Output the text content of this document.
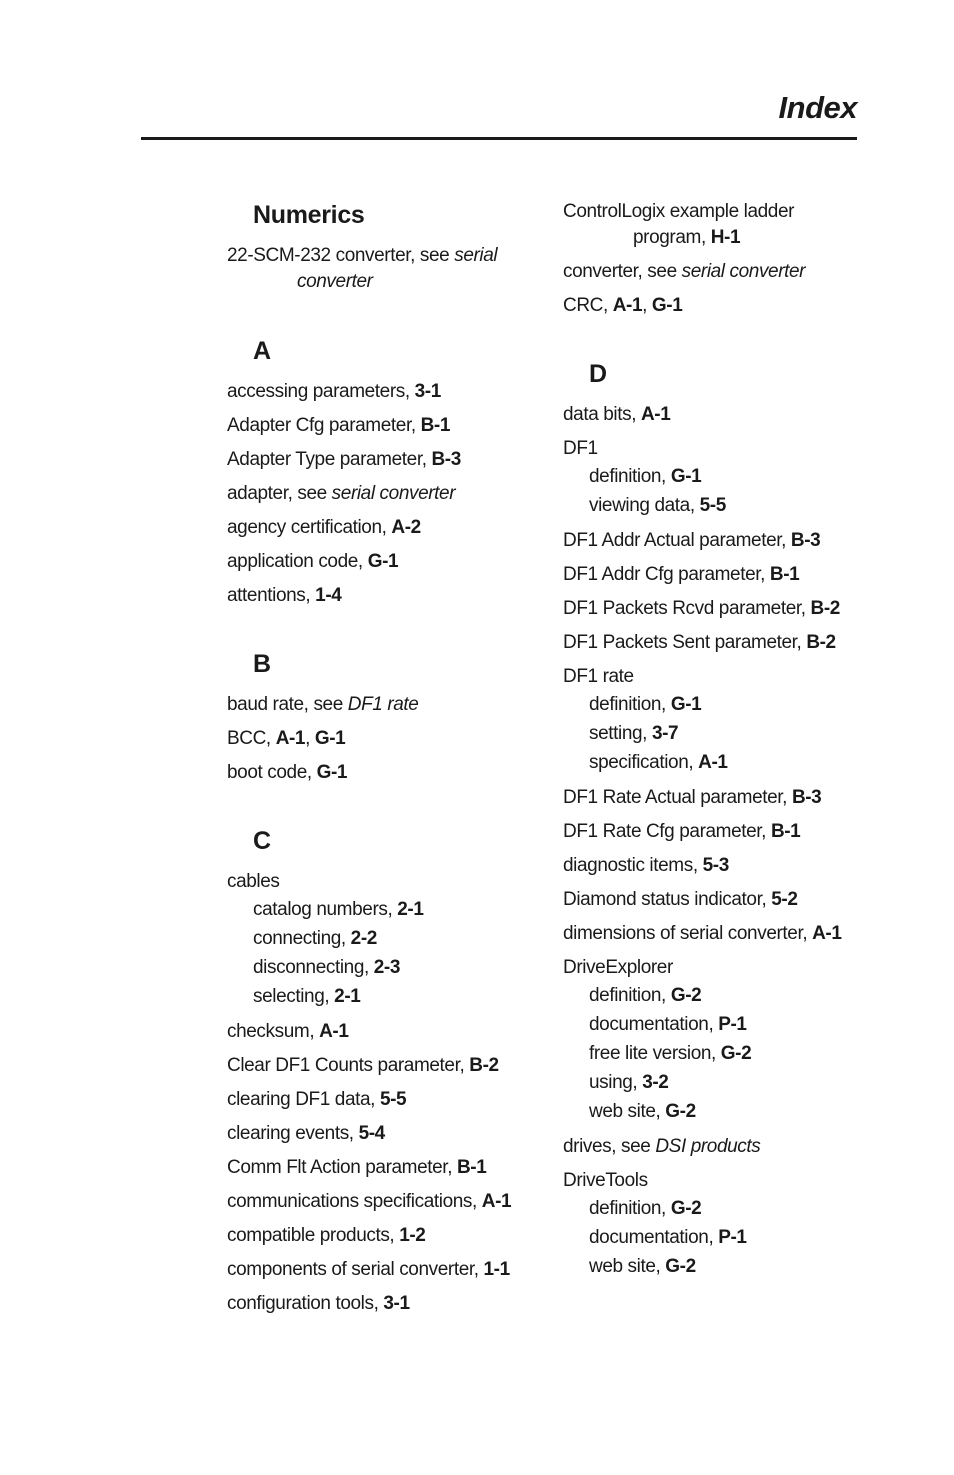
Index
Numerics
22-SCM-232 converter, see serial
converter
A
accessing parameters, 3-1
Adapter Cfg parameter, B-1
Adapter Type parameter, B-3
adapter, see serial converter
agency certification, A-2
application code, G-1
attentions, 1-4
B
baud rate, see DF1 rate
BCC, A-1, G-1
boot code, G-1
C
cables
catalog numbers, 2-1
connecting, 2-2
disconnecting, 2-3
selecting, 2-1
checksum, A-1
Clear DF1 Counts parameter, B-2
clearing DF1 data, 5-5
clearing events, 5-4
Comm Flt Action parameter, B-1
communications specifications, A-1
compatible products, 1-2
components of serial converter, 1-1
configuration tools, 3-1
ControlLogix example ladder
program, H-1
converter, see serial converter
CRC, A-1, G-1
D
data bits, A-1
DF1
definition, G-1
viewing data, 5-5
DF1 Addr Actual parameter, B-3
DF1 Addr Cfg parameter, B-1
DF1 Packets Rcvd parameter, B-2
DF1 Packets Sent parameter, B-2
DF1 rate
definition, G-1
setting, 3-7
specification, A-1
DF1 Rate Actual parameter, B-3
DF1 Rate Cfg parameter, B-1
diagnostic items, 5-3
Diamond status indicator, 5-2
dimensions of serial converter, A-1
DriveExplorer
definition, G-2
documentation, P-1
free lite version, G-2
using, 3-2
web site, G-2
drives, see DSI products
DriveTools
definition, G-2
documentation, P-1
web site, G-2
